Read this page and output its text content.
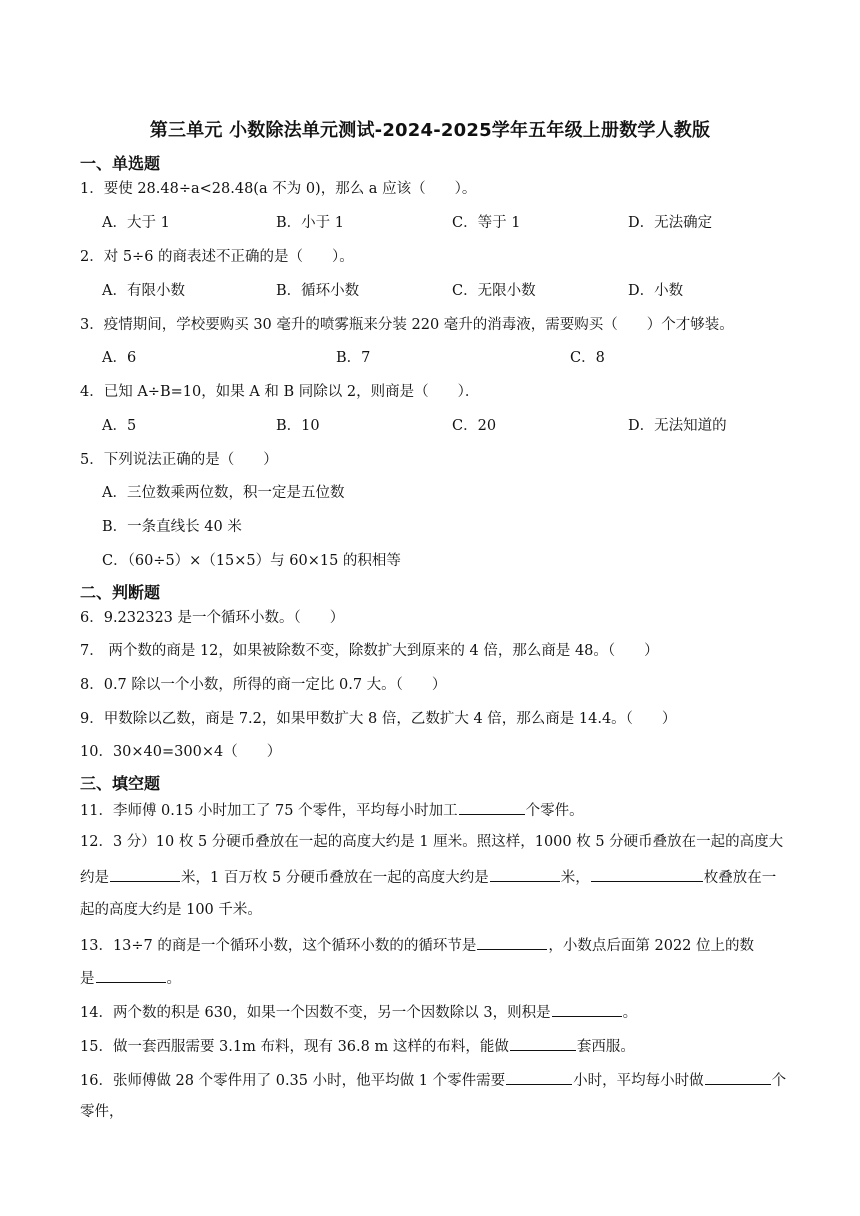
第三单元 小数除法单元测试-2024-2025学年五年级上册数学人教版
一、单选题
1．要使 28.48÷a<28.48(a 不为 0)，那么 a 应该（　　）。
A．大于 1	B．小于 1	C．等于 1	D．无法确定
2．对 5÷6 的商表述不正确的是（　　）。
A．有限小数	B．循环小数	C．无限小数	D．小数
3．疫情期间，学校要购买 30 毫升的喷雾瓶来分装 220 毫升的消毒液，需要购买（　　）个才够装。
A．6	B．7	C．8
4．已知 A÷B=10，如果 A 和 B 同除以 2，则商是（　　）．
A．5	B．10	C．20	D．无法知道的
5．下列说法正确的是（　　）
A．三位数乘两位数，积一定是五位数
B．一条直线长 40 米
C．（60÷5）×（15×5）与 60×15 的积相等
二、判断题
6．9.232323 是一个循环小数。（　　）
7． 两个数的商是 12，如果被除数不变，除数扩大到原来的 4 倍，那么商是 48。（　　）
8．0.7 除以一个小数，所得的商一定比 0.7 大。（　　）
9．甲数除以乙数，商是 7.2，如果甲数扩大 8 倍，乙数扩大 4 倍，那么商是 14.4。（　　）
10．30×40=300×4（　　）
三、填空题
11．李师傅 0.15 小时加工了 75 个零件，平均每小时加工	个零件。
12．3 分）10 枚 5 分硬币叠放在一起的高度大约是 1 厘米。照这样，1000 枚 5 分硬币叠放在一起的高度大
约是	米，1 百万枚 5 分硬币叠放在一起的高度大约是	米，	枚叠放在一
起的高度大约是 100 千米。
13．13÷7 的商是一个循环小数，这个循环小数的的循环节是	，小数点后面第 2022 位上的数
是	。
14．两个数的积是 630，如果一个因数不变，另一个因数除以 3，则积是	。
15．做一套西服需要 3.1m 布料，现有 36.8 m 这样的布料，能做	套西服。
16．张师傅做 28 个零件用了 0.35 小时，他平均做 1 个零件需要	小时，平均每小时做	个
零件，
